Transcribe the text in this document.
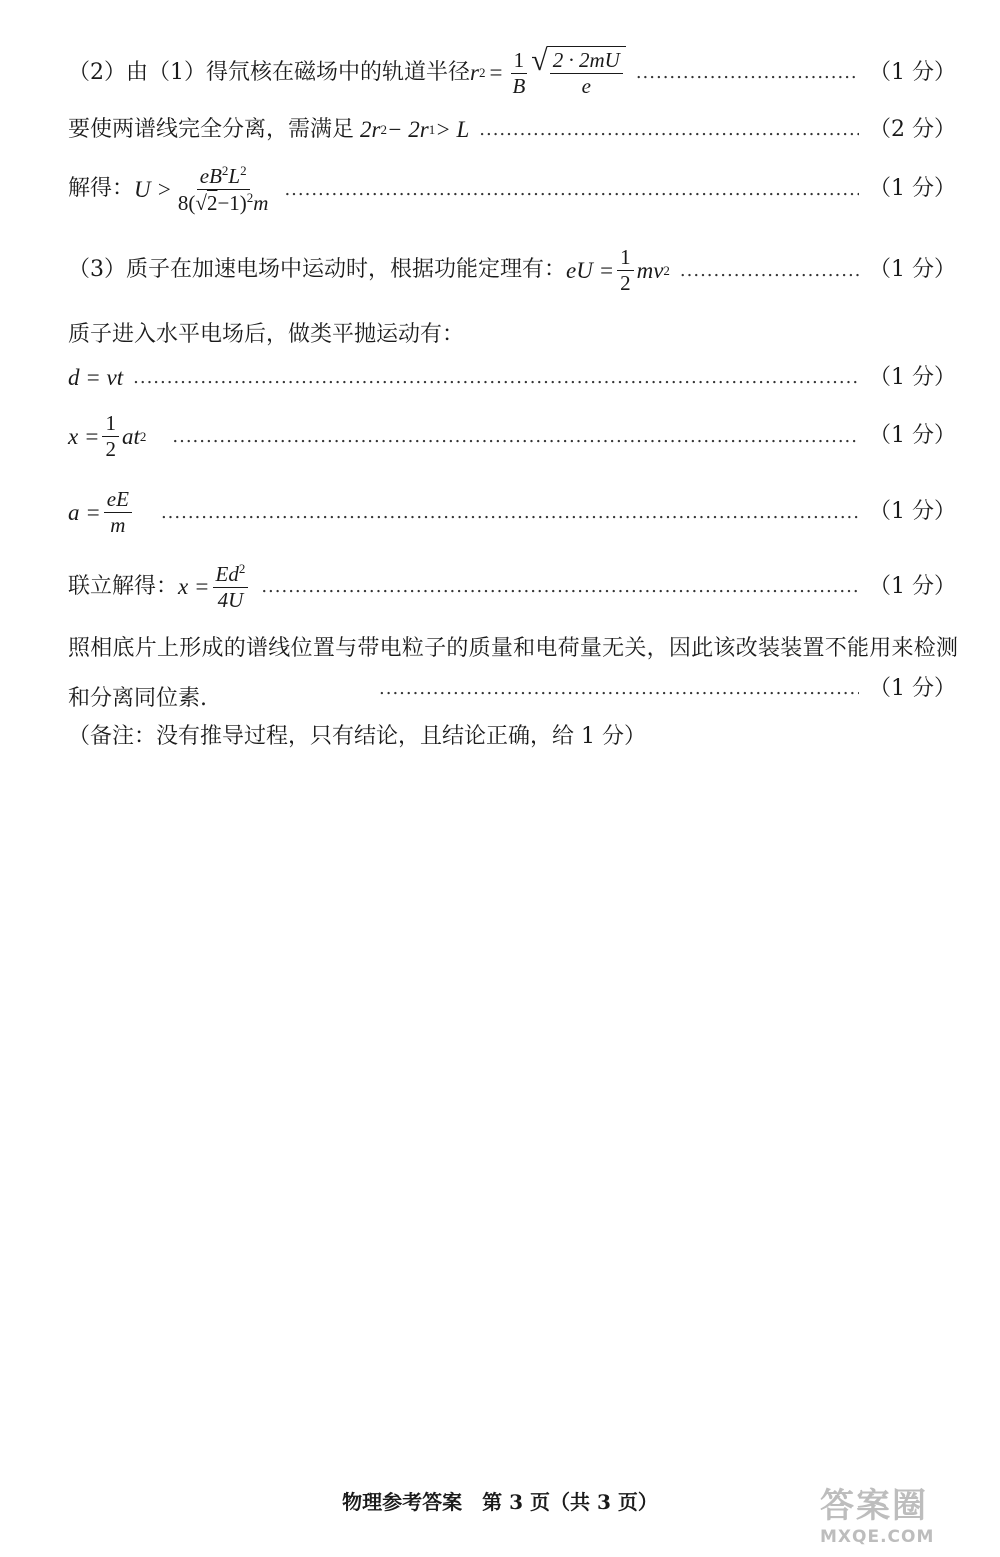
（2）由（1）得氘核在磁场中的轨道半径 r $2 = \frac{1}{B}$ √ $\frac{2 \cdot 2mU}{e}$ .....	（1 分）
要使两谱线完全分离，需满足 2r 2 − 2r 1 > L .....	（2 分）
解得： $U > \frac{eB^2L^2}{8(√2-1)^2m}$ .....	（1 分）
（3）质子在加速电场中运动时，根据功能定理有： eU = $\frac{1}{2}$ mv 2 .....	（1 分）
质子进入水平电场后，做类平抛运动有：
d = vt .....	（1 分）
$x = \frac{1}{2}$ at 2 .....	（1 分）
$a = \frac{eE}{m}$ .....	（1 分）
联立解得： $x = \frac{Ed^2}{4U}$ .....	（1 分）
照相底片上形成的谱线位置与带电粒子的质量和电荷量无关，因此该改装装置不能用来检测和分离同位素. .....	（1 分）
（备注：没有推导过程，只有结论，且结论正确，给 1 分）
物理参考答案　第 3 页（共 3 页）	答案圈
MXQE.COM
